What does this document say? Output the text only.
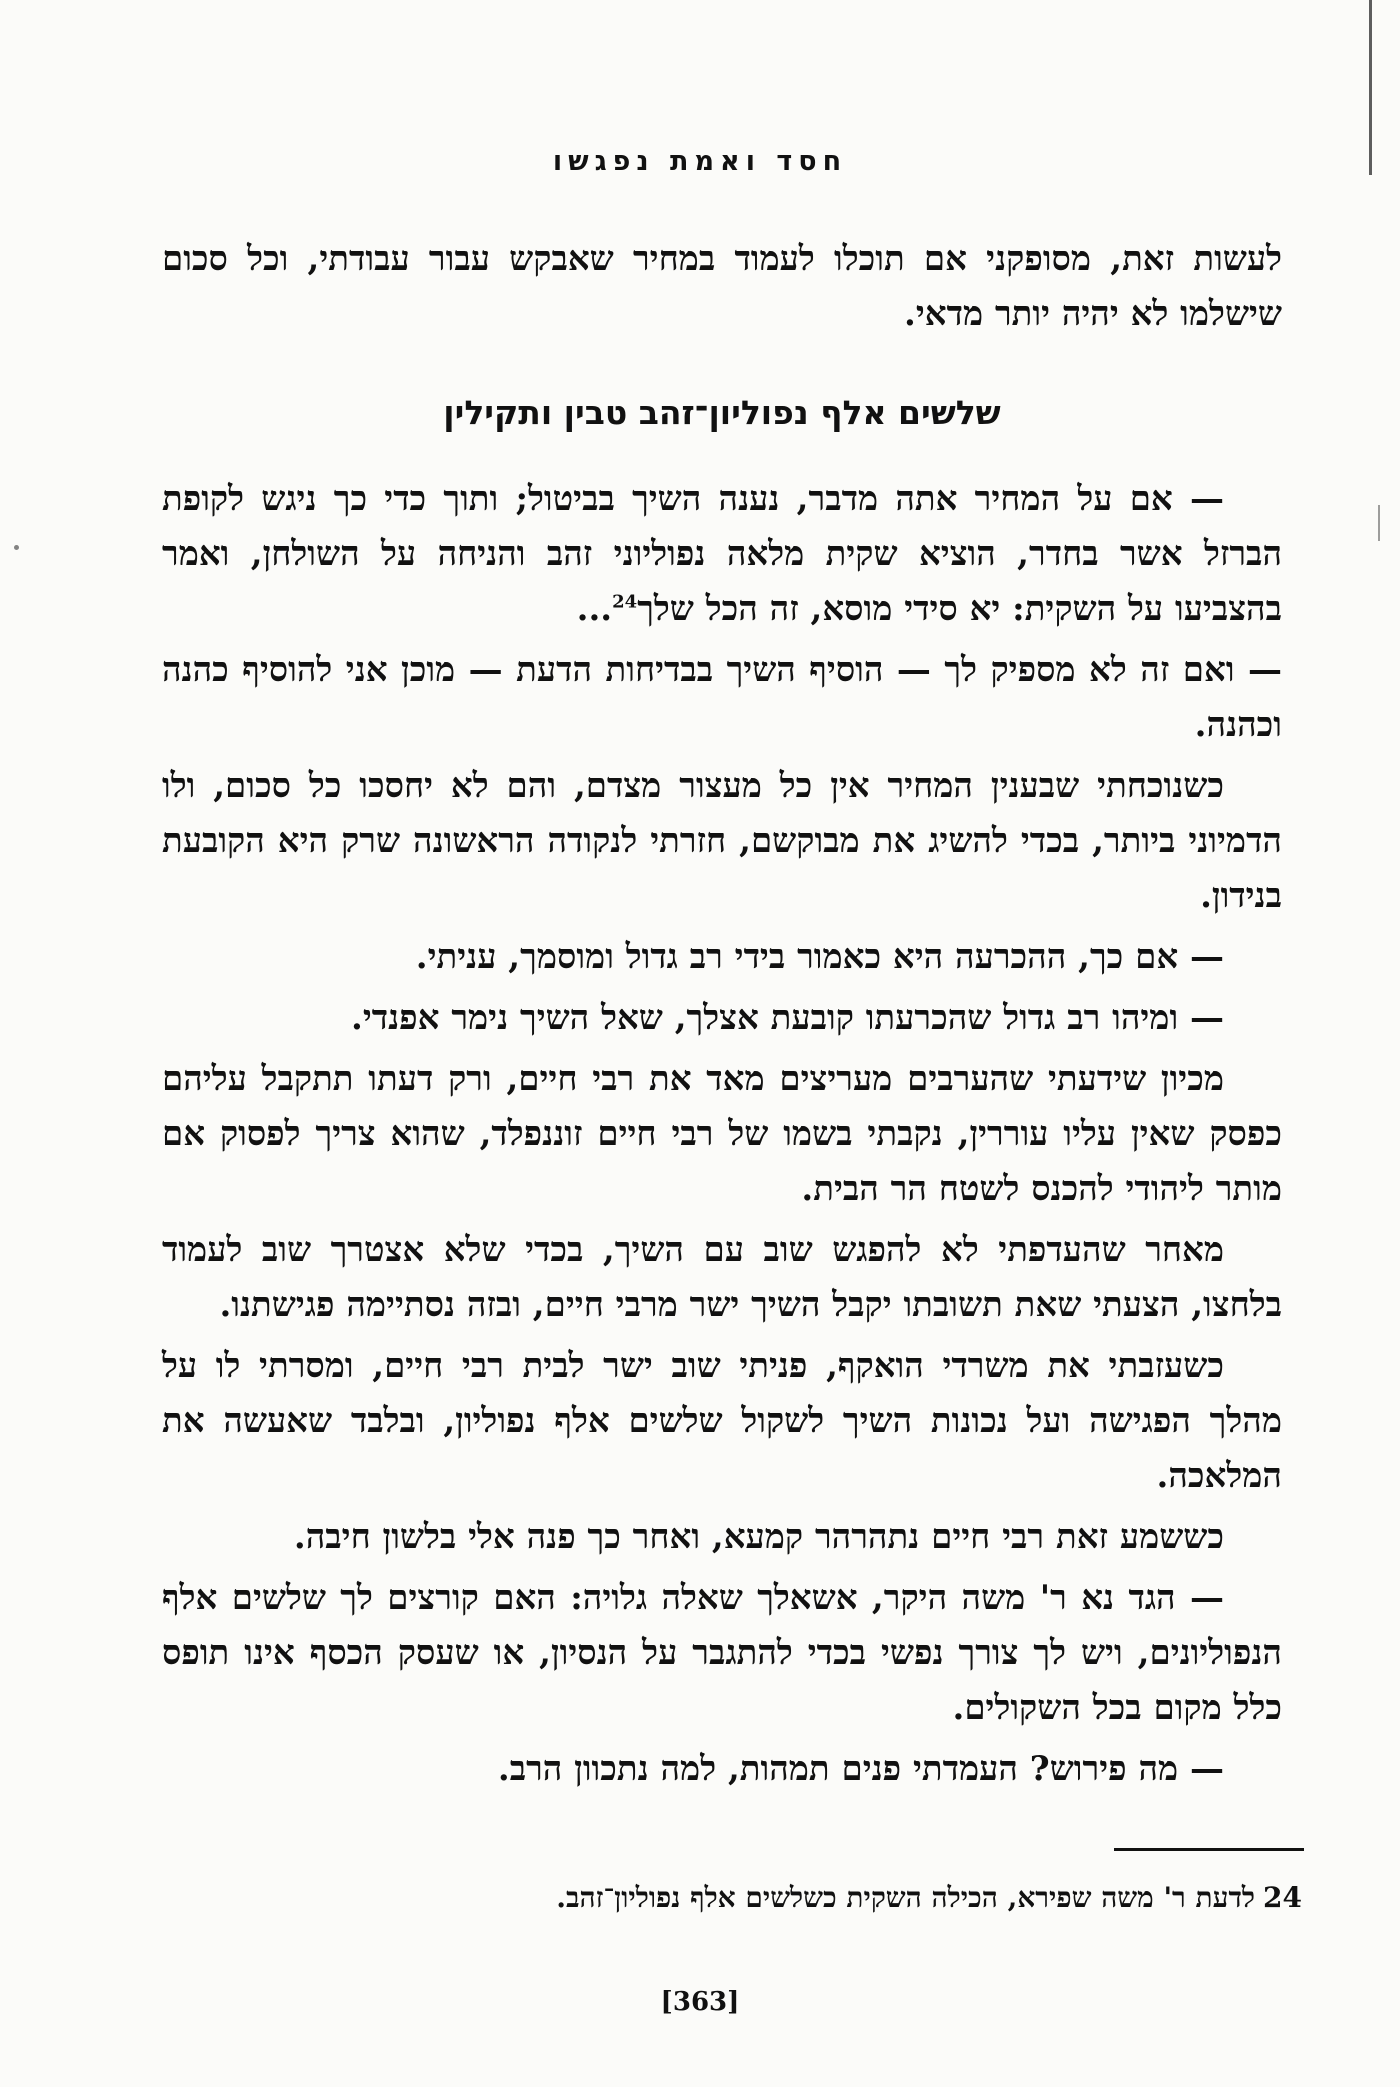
חסד ואמת נפגשו

לעשות זאת, מסופקני אם תוכלו לעמוד במחיר שאבקש עבור עבודתי, וכל סכום שישלמו לא יהיה יותר מדאי.

שלשים אלף נפוליון־זהב טבין ותקילין

— אם על המחיר אתה מדבר, נענה השיך בביטול; ותוך כדי כך ניגש לקופת הברזל אשר בחדר, הוציא שקית מלאה נפוליוני זהב והניחה על השולחן, ואמר בהצביעו על השקית: יא סידי מוסא, זה הכל שלך$^{24}$...

— ואם זה לא מספיק לך — הוסיף השיך בבדיחות הדעת — מוכן אני להוסיף כהנה וכהנה.

כשנוכחתי שבענין המחיר אין כל מעצור מצדם, והם לא יחסכו כל סכום, ולו הדמיוני ביותר, בכדי להשיג את מבוקשם, חזרתי לנקודה הראשונה שרק היא הקובעת בנידון.

— אם כך, ההכרעה היא כאמור בידי רב גדול ומוסמך, עניתי.

— ומיהו רב גדול שהכרעתו קובעת אצלך, שאל השיך נימר אפנדי.

מכיון שידעתי שהערבים מעריצים מאד את רבי חיים, ורק דעתו תתקבל עליהם כפסק שאין עליו עוררין, נקבתי בשמו של רבי חיים זוננפלד, שהוא צריך לפסוק אם מותר ליהודי להכנס לשטח הר הבית.

מאחר שהעדפתי לא להפגש שוב עם השיך, בכדי שלא אצטרך שוב לעמוד בלחצו, הצעתי שאת תשובתו יקבל השיך ישר מרבי חיים, ובזה נסתיימה פגישתנו.

כשעזבתי את משרדי הואקף, פניתי שוב ישר לבית רבי חיים, ומסרתי לו על מהלך הפגישה ועל נכונות השיך לשקול שלשים אלף נפוליון, ובלבד שאעשה את המלאכה.

כששמע זאת רבי חיים נתהרהר קמעא, ואחר כך פנה אלי בלשון חיבה.

— הגד נא ר' משה היקר, אשאלך שאלה גלויה: האם קורצים לך שלשים אלף הנפוליונים, ויש לך צורך נפשי בכדי להתגבר על הנסיון, או שעסק הכסף אינו תופס כלל מקום בכל השקולים.

— מה פירוש? העמדתי פנים תמהות, למה נתכוון הרב.

24לדעת ר' משה שפירא, הכילה השקית כשלשים אלף נפוליון־זהב.
[363]
